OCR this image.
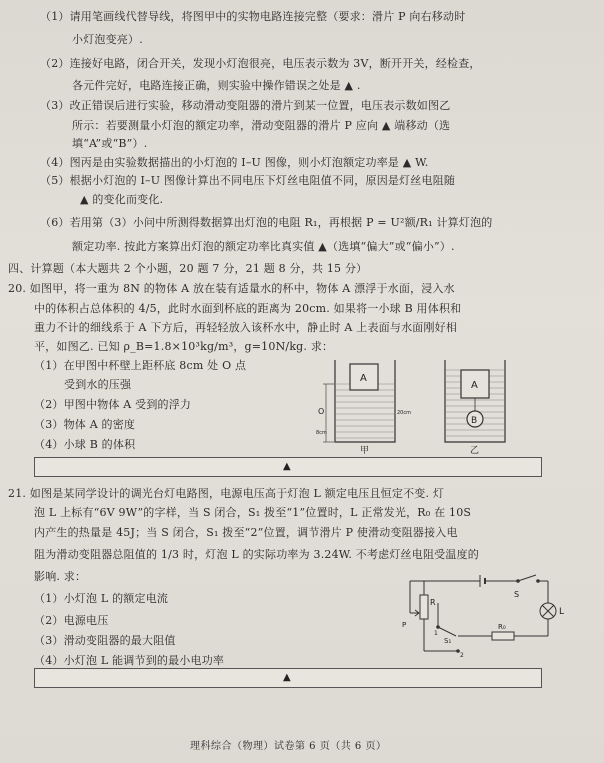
（1）请用笔画线代替导线，将图甲中的实物电路连接完整（要求：滑片 P 向右移动时
小灯泡变亮）.
（2）连接好电路，闭合开关，发现小灯泡很亮，电压表示数为 3V，断开开关，经检查，
各元件完好，电路连接正确，则实验中操作错误之处是 ▲ .
（3）改正错误后进行实验，移动滑动变阻器的滑片到某一位置，电压表示数如图乙
所示：若要测量小灯泡的额定功率，滑动变阻器的滑片 P 应向 ▲ 端移动（选
填“A”或“B”）.
（4）图丙是由实验数据描出的小灯泡的 I–U 图像，则小灯泡额定功率是 ▲ W.
（5）根据小灯泡的 I–U 图像计算出不同电压下灯丝电阻值不同，原因是灯丝电阻随
▲ 的变化而变化.
（6）若用第（3）小问中所测得数据算出灯泡的电阻 R₁，再根据 P = U²额/R₁ 计算灯泡的
额定功率. 按此方案算出灯泡的额定功率比真实值 ▲（选填“偏大”或“偏小”）.
四、计算题（本大题共 2 个小题，20 题 7 分，21 题 8 分，共 15 分）
20. 如图甲，将一重为 8N 的物体 A 放在装有适量水的杯中，物体 A 漂浮于水面，浸入水
中的体积占总体积的 4/5，此时水面到杯底的距离为 20cm. 如果将一小球 B 用体积和
重力不计的细线系于 A 下方后，再轻轻放入该杯水中，静止时 A 上表面与水面刚好相
平，如图乙. 已知 ρ_B=1.8×10³kg/m³，g=10N/kg. 求：
（1）在甲图中杯壁上距杯底 8cm 处 O 点
受到水的压强
（2）甲图中物体 A 受到的浮力
（3）物体 A 的密度
（4）小球 B 的体积
21. 如图是某同学设计的调光台灯电路图，电源电压高于灯泡 L 额定电压且恒定不变. 灯
泡 L 上标有“6V 9W”的字样，当 S 闭合，S₁ 拨至“1”位置时，L 正常发光，R₀ 在 10S
内产生的热量是 45J；当 S 闭合，S₁ 拨至“2”位置，调节滑片 P 使滑动变阻器接入电
阻为滑动变阻器总阻值的 1/3 时，灯泡 L 的实际功率为 3.24W. 不考虑灯丝电阻受温度的
影响. 求：
（1）小灯泡 L 的额定电流
（2）电源电压
（3）滑动变阻器的最大阻值
（4）小灯泡 L 能调节到的最小电功率
▲
▲
A
O	20cm
8cm
甲
A
B
乙
S
L
R
R₀
S₁
P
1
2
理科综合（物理）试卷第 6 页（共 6 页）
